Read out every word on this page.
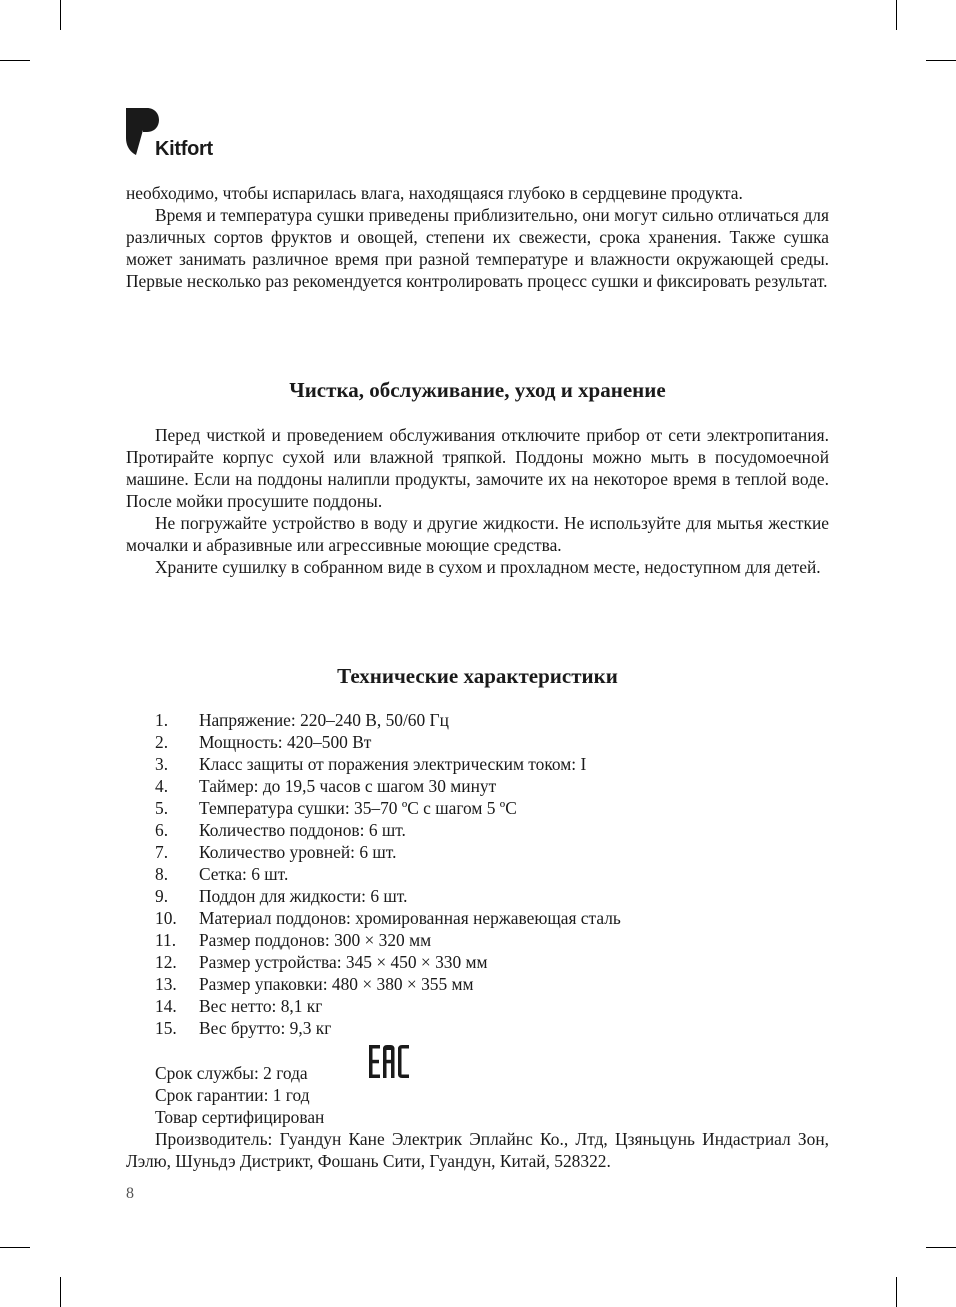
Kitfort

необходимо, чтобы испарилась влага, находящаяся глубоко в сердцевине продукта.

Время и температура сушки приведены приблизительно, они могут сильно отличаться для различных сортов фруктов и овощей, степени их свежести, срока хранения. Также сушка может занимать различное время при разной температуре и влажности окружающей среды. Первые несколько раз рекомендуется контролировать процесс сушки и фиксировать результат.

Чистка, обслуживание, уход и хранение

Перед чисткой и проведением обслуживания отключите прибор от сети электропитания. Протирайте корпус сухой или влажной тряпкой. Поддоны можно мыть в посудомоечной машине. Если на поддоны налипли продукты, замочите их на некоторое время в теплой воде. После мойки просушите поддоны.

Не погружайте устройство в воду и другие жидкости. Не используйте для мытья жесткие мочалки и абразивные или агрессивные моющие средства.

Храните сушилку в собранном виде в сухом и прохладном месте, недоступном для детей.

Технические характеристики
1.	Напряжение: 220–240 В, 50/60 Гц
2.	Мощность: 420–500 Вт
3.	Класс защиты от поражения электрическим током: I
4.	Таймер: до 19,5 часов с шагом 30 минут
5.	Температура сушки: 35–70 ºС с шагом 5 ºС
6.	Количество поддонов: 6 шт.
7.	Количество уровней: 6 шт.
8.	Сетка: 6 шт.
9.	Поддон для жидкости: 6 шт.
10.	Материал поддонов: хромированная нержавеющая сталь
11.	Размер поддонов: 300 × 320 мм
12.	Размер устройства: 345 × 450 × 330 мм
13.	Размер упаковки: 480 × 380 × 355 мм
14.	Вес нетто: 8,1 кг
15.	Вес брутто: 9,3 кг
Срок службы: 2 года
Срок гарантии: 1 год
Товар сертифицирован

Производитель: Гуандун Кане Электрик Эплайнс Ко., Лтд, Цзяньцунь Индастриал Зон, Лэлю, Шуньдэ Дистрикт, Фошань Сити, Гуандун, Китай, 528322.

8
